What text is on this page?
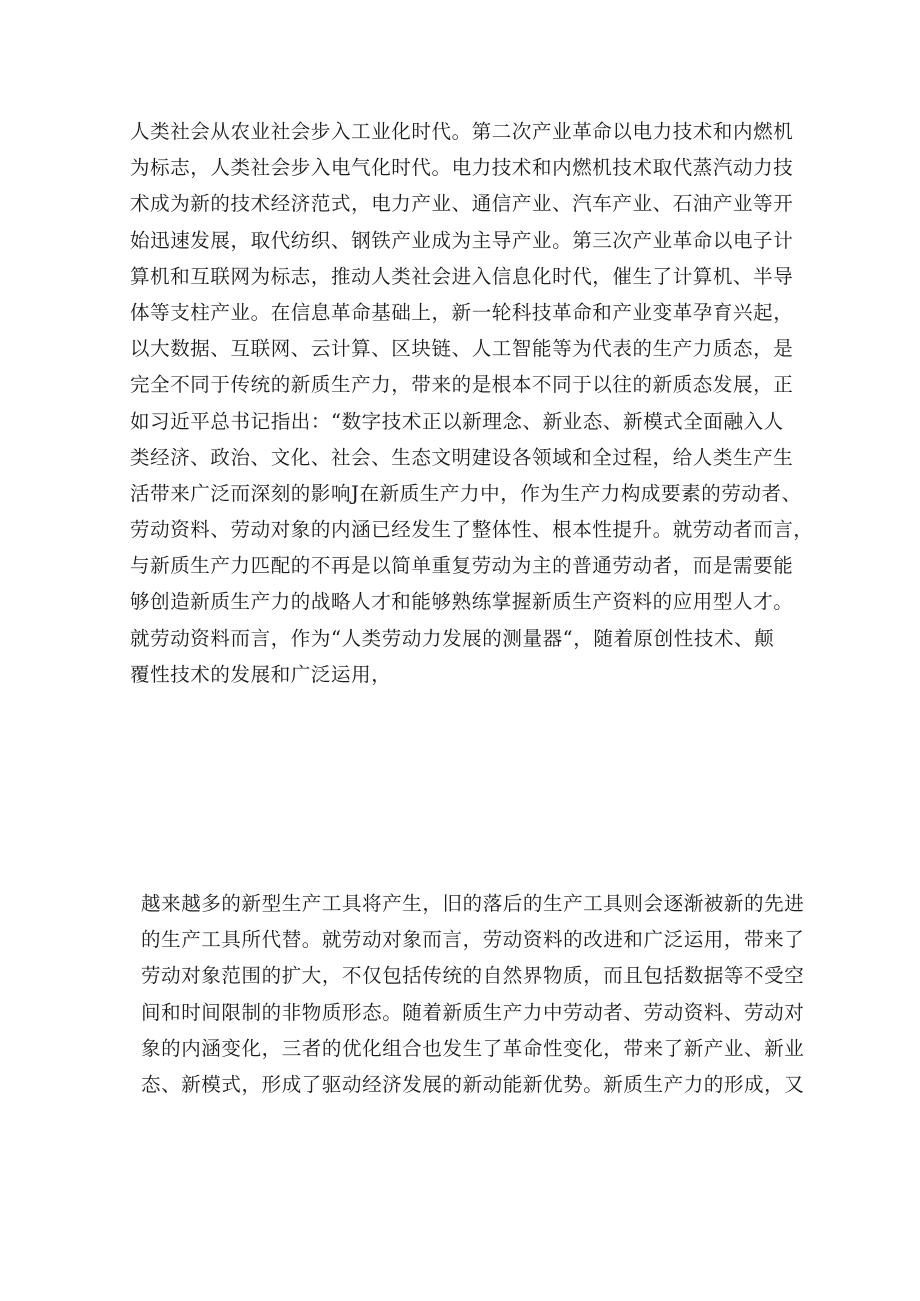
人类社会从农业社会步入工业化时代。第二次产业革命以电力技术和内燃机
为标志，人类社会步入电气化时代。电力技术和内燃机技术取代蒸汽动力技
术成为新的技术经济范式，电力产业、通信产业、汽车产业、石油产业等开
始迅速发展，取代纺织、钢铁产业成为主导产业。第三次产业革命以电子计
算机和互联网为标志，推动人类社会进入信息化时代，催生了计算机、半导
体等支柱产业。在信息革命基础上，新一轮科技革命和产业变革孕育兴起，
以大数据、互联网、云计算、区块链、人工智能等为代表的生产力质态，是
完全不同于传统的新质生产力，带来的是根本不同于以往的新质态发展，正
如习近平总书记指出：“数字技术正以新理念、新业态、新模式全面融入人
类经济、政治、文化、社会、生态文明建设各领域和全过程，给人类生产生
活带来广泛而深刻的影响J在新质生产力中，作为生产力构成要素的劳动者、
劳动资料、劳动对象的内涵已经发生了整体性、根本性提升。就劳动者而言，
与新质生产力匹配的不再是以简单重复劳动为主的普通劳动者，而是需要能
够创造新质生产力的战略人才和能够熟练掌握新质生产资料的应用型人才。
就劳动资料而言，作为“人类劳动力发展的测量器“，随着原创性技术、颠
覆性技术的发展和广泛运用，
越来越多的新型生产工具将产生，旧的落后的生产工具则会逐渐被新的先进
的生产工具所代替。就劳动对象而言，劳动资料的改进和广泛运用，带来了
劳动对象范围的扩大，不仅包括传统的自然界物质，而且包括数据等不受空
间和时间限制的非物质形态。随着新质生产力中劳动者、劳动资料、劳动对
象的内涵变化，三者的优化组合也发生了革命性变化，带来了新产业、新业
态、新模式，形成了驱动经济发展的新动能新优势。新质生产力的形成，又
